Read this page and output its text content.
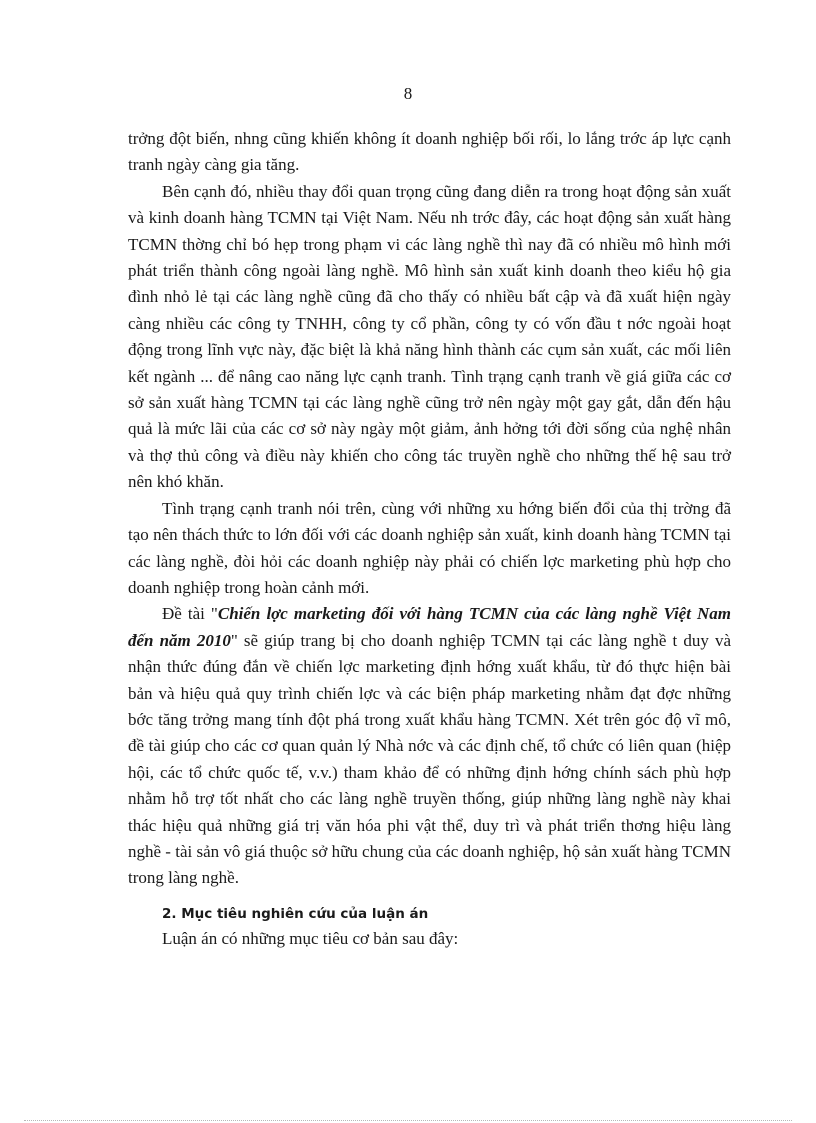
8

trởng đột biến, nhng cũng khiến không ít doanh nghiệp bối rối, lo lắng trớc áp lực cạnh tranh ngày càng gia tăng.

Bên cạnh đó, nhiều thay đổi quan trọng cũng đang diễn ra trong hoạt động sản xuất và kinh doanh hàng TCMN tại Việt Nam. Nếu nh trớc đây, các hoạt động sản xuất hàng TCMN thờng chỉ bó hẹp trong phạm vi các làng nghề thì nay đã có nhiều mô hình mới phát triển thành công ngoài làng nghề. Mô hình sản xuất kinh doanh theo kiểu hộ gia đình nhỏ lẻ tại các làng nghề cũng đã cho thấy có nhiều bất cập và đã xuất hiện ngày càng nhiều các công ty TNHH, công ty cổ phần, công ty có vốn đầu t nớc ngoài hoạt động trong lĩnh vực này, đặc biệt là khả năng hình thành các cụm sản xuất, các mối liên kết ngành ... để nâng cao năng lực cạnh tranh. Tình trạng cạnh tranh về giá giữa các cơ sở sản xuất hàng TCMN tại các làng nghề cũng trở nên ngày một gay gắt, dẫn đến hậu quả là mức lãi của các cơ sở này ngày một giảm, ảnh hởng tới đời sống của nghệ nhân và thợ thủ công và điều này khiến cho công tác truyền nghề cho những thế hệ sau trở nên khó khăn.

Tình trạng cạnh tranh nói trên, cùng với những xu hớng biến đổi của thị trờng đã tạo nên thách thức to lớn đối với các doanh nghiệp sản xuất, kinh doanh hàng TCMN tại các làng nghề, đòi hỏi các doanh nghiệp này phải có chiến lợc marketing phù hợp cho doanh nghiệp trong hoàn cảnh mới.

Đề tài "Chiến lợc marketing đối với hàng TCMN của các làng nghề Việt Nam đến năm 2010" sẽ giúp trang bị cho doanh nghiệp TCMN tại các làng nghề t duy và nhận thức đúng đắn về chiến lợc marketing định hớng xuất khẩu, từ đó thực hiện bài bản và hiệu quả quy trình chiến lợc và các biện pháp marketing nhằm đạt đợc những bớc tăng trởng mang tính đột phá trong xuất khẩu hàng TCMN. Xét trên góc độ vĩ mô, đề tài giúp cho các cơ quan quản lý Nhà nớc và các định chế, tổ chức có liên quan (hiệp hội, các tổ chức quốc tế, v.v.) tham khảo để có những định hớng chính sách phù hợp nhằm hỗ trợ tốt nhất cho các làng nghề truyền thống, giúp những làng nghề này khai thác hiệu quả những giá trị văn hóa phi vật thể, duy trì và phát triển thơng hiệu làng nghề - tài sản vô giá thuộc sở hữu chung của các doanh nghiệp, hộ sản xuất hàng TCMN trong làng nghề.

2. Mục tiêu nghiên cứu của luận án

Luận án có những mục tiêu cơ bản sau đây:
